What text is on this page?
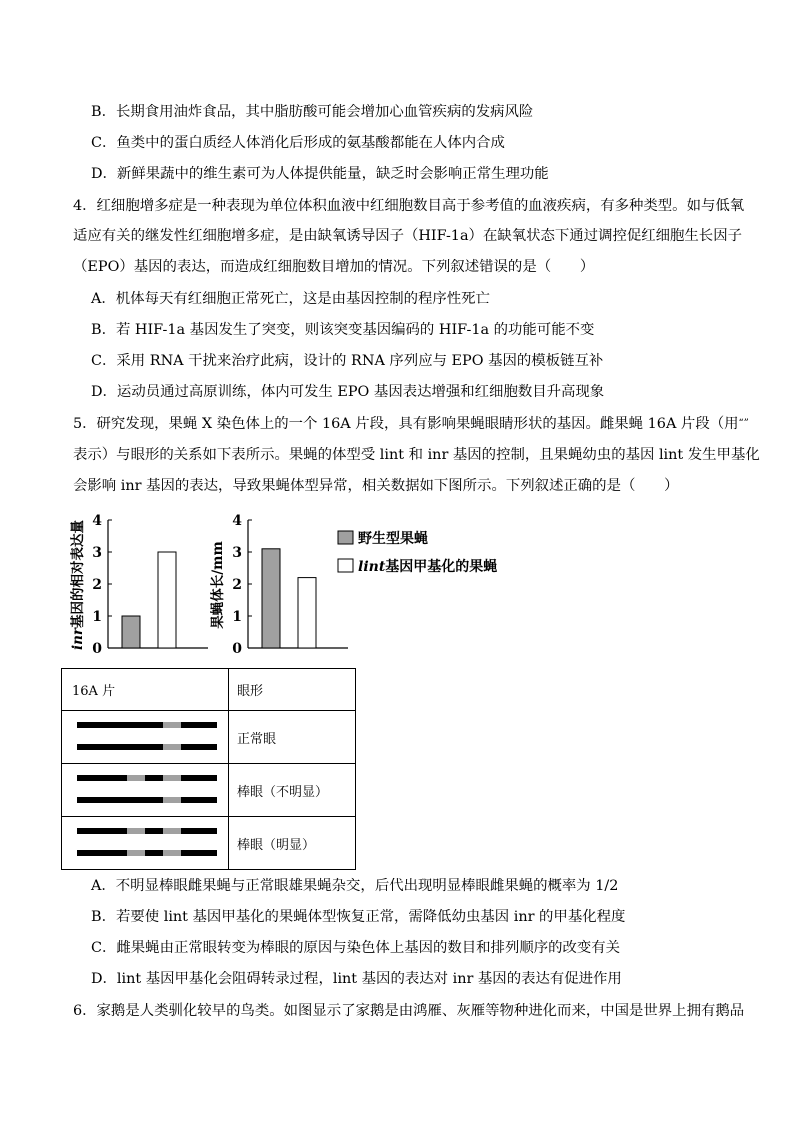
B．长期食用油炸食品，其中脂肪酸可能会增加心血管疾病的发病风险
C．鱼类中的蛋白质经人体消化后形成的氨基酸都能在人体内合成
D．新鲜果蔬中的维生素可为人体提供能量，缺乏时会影响正常生理功能
4．红细胞增多症是一种表现为单位体积血液中红细胞数目高于参考值的血液疾病，有多种类型。如与低氧
适应有关的继发性红细胞增多症，是由缺氧诱导因子（HIF-1a）在缺氧状态下通过调控促红细胞生长因子
（EPO）基因的表达，而造成红细胞数目增加的情况。下列叙述错误的是（　　）
A．机体每天有红细胞正常死亡，这是由基因控制的程序性死亡
B．若 HIF-1a 基因发生了突变，则该突变基因编码的 HIF-1a 的功能可能不变
C．采用 RNA 干扰来治疗此病，设计的 RNA 序列应与 EPO 基因的模板链互补
D．运动员通过高原训练，体内可发生 EPO 基因表达增强和红细胞数目升高现象
5．研究发现，果蝇 X 染色体上的一个 16A 片段，具有影响果蝇眼睛形状的基因。雌果蝇 16A 片段（用“”
表示）与眼形的关系如下表所示。果蝇的体型受 lint 和 inr 基因的控制，且果蝇幼虫的基因 lint 发生甲基化
会影响 inr 基因的表达，导致果蝇体型异常，相关数据如下图所示。下列叙述正确的是（　　）
0
1
2
3
4
inr基因的相对表达量
0
1
2
3
4
果蝇体长/mm
野生型果蝇
lint基因甲基化的果蝇
16A 片	眼形

	正常眼

	棒眼（不明显）

	棒眼（明显）
A．不明显棒眼雌果蝇与正常眼雄果蝇杂交，后代出现明显棒眼雌果蝇的概率为 1/2
B．若要使 lint 基因甲基化的果蝇体型恢复正常，需降低幼虫基因 inr 的甲基化程度
C．雌果蝇由正常眼转变为棒眼的原因与染色体上基因的数目和排列顺序的改变有关
D．lint 基因甲基化会阻碍转录过程，lint 基因的表达对 inr 基因的表达有促进作用
6．家鹅是人类驯化较早的鸟类。如图显示了家鹅是由鸿雁、灰雁等物种进化而来，中国是世界上拥有鹅品
